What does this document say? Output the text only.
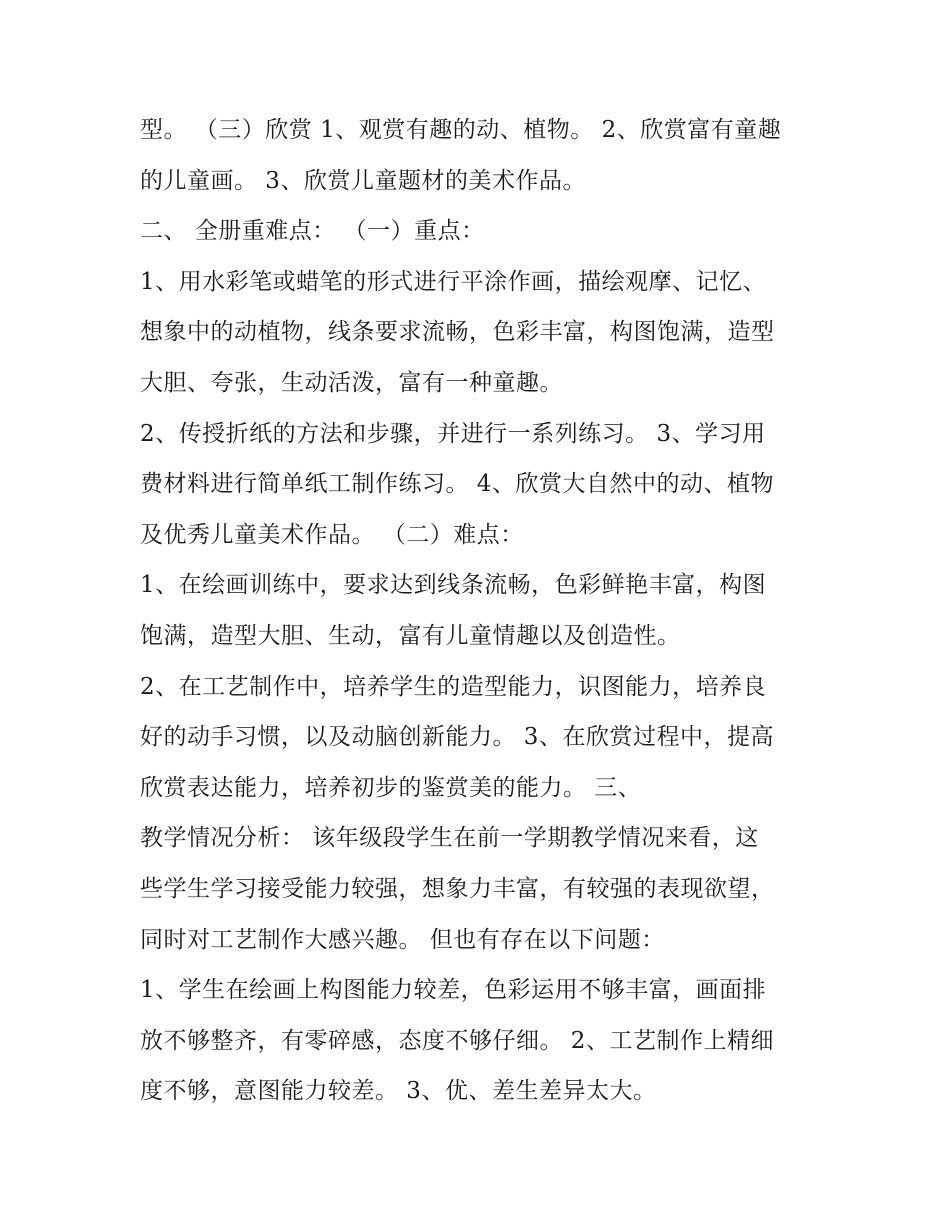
型。 （三）欣赏 1、观赏有趣的动、植物。 2、欣赏富有童趣
的儿童画。 3、欣赏儿童题材的美术作品。
二、 全册重难点： （一）重点：
1、用水彩笔或蜡笔的形式进行平涂作画，描绘观摩、记忆、
想象中的动植物，线条要求流畅，色彩丰富，构图饱满，造型
大胆、夸张，生动活泼，富有一种童趣。
2、传授折纸的方法和步骤，并进行一系列练习。 3、学习用
费材料进行简单纸工制作练习。 4、欣赏大自然中的动、植物
及优秀儿童美术作品。 （二）难点：
1、在绘画训练中，要求达到线条流畅，色彩鲜艳丰富，构图
饱满，造型大胆、生动，富有儿童情趣以及创造性。
2、在工艺制作中，培养学生的造型能力，识图能力，培养良
好的动手习惯，以及动脑创新能力。 3、在欣赏过程中，提高
欣赏表达能力，培养初步的鉴赏美的能力。 三、
教学情况分析： 该年级段学生在前一学期教学情况来看，这
些学生学习接受能力较强，想象力丰富，有较强的表现欲望，
同时对工艺制作大感兴趣。 但也有存在以下问题：
1、学生在绘画上构图能力较差，色彩运用不够丰富，画面排
放不够整齐，有零碎感，态度不够仔细。 2、工艺制作上精细
度不够，意图能力较差。 3、优、差生差异太大。
